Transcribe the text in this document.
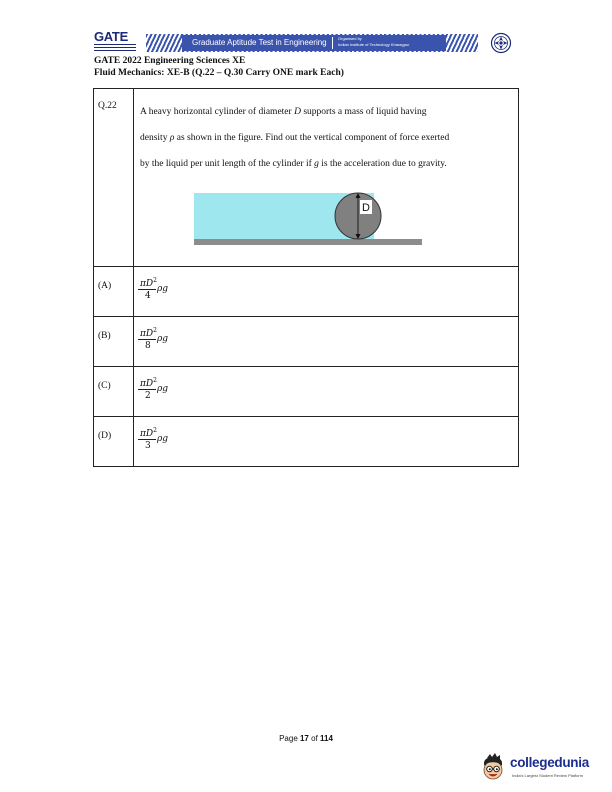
GATE	Graduate Aptitude Test in Engineering	Organised by
Indian Institute of Technology Kharagpur
GATE 2022 Engineering Sciences XE
Fluid Mechanics: XE-B (Q.22 – Q.30 Carry ONE mark Each)
Q.22

A heavy horizontal cylinder of diameter D supports a mass of liquid having

density ρ as shown in the figure. Find out the vertical component of force exerted

by the liquid per unit length of the cylinder if g is the acceleration due to gravity.

D
(A)	$\pi D^2$
4
ρg
(B)	$\pi D^2$
8
ρg
(C)	$\pi D^2$
2
ρg
(D)	$\pi D^2$
3
ρg
Page 17 of 114
collegedunia
India's Largest Student Review Platform
